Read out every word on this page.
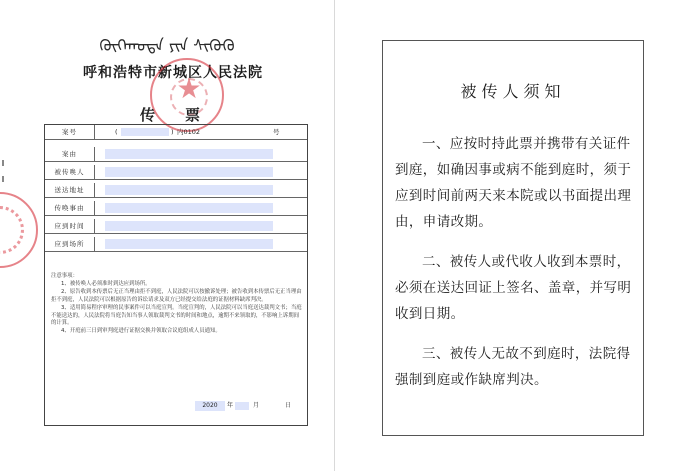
ᠬᠥᠬᠡᠬᠣᠲᠠ ᠶᠢᠨ ᠰᠢᠭᠦᠬᠦ
呼和浩特市新城区人民法院
★
传票
案号	(	) 内0102	号
案由
被传唤人
送达地址
传唤事由
应到时间
应到场所

注意事项：

1、被传唤人必须准时到达应到场所。

2、原告收到本传票后无正当理由拒不到庭，人民法院可以按撤诉处理；被告收到本传票后无正当理由拒不到庭，人民法院可以根据原告的诉讼请求及双方已经提交给法庭的证据材料缺席判决。

3、适用简易程序审理的民事案件可以当庭宣判。当庭宣判的，人民法院可以当庭送达裁判文书；当庭不能送达的，人民法院将当庭告知当事人领取裁判文书的时间和地点，逾期不来领取的，不影响上诉期间的计算。

4、开庭前三日到审判庭进行证据交换并领取合议庭组成人员通知。

2020	年	月	日
被传人须知
一、应按时持此票并携带有关证件到庭，如确因事或病不能到庭时，须于应到时间前两天来本院或以书面提出理由，申请改期。
二、被传人或代收人收到本票时，必须在送达回证上签名、盖章，并写明收到日期。
三、被传人无故不到庭时，法院得强制到庭或作缺席判决。
